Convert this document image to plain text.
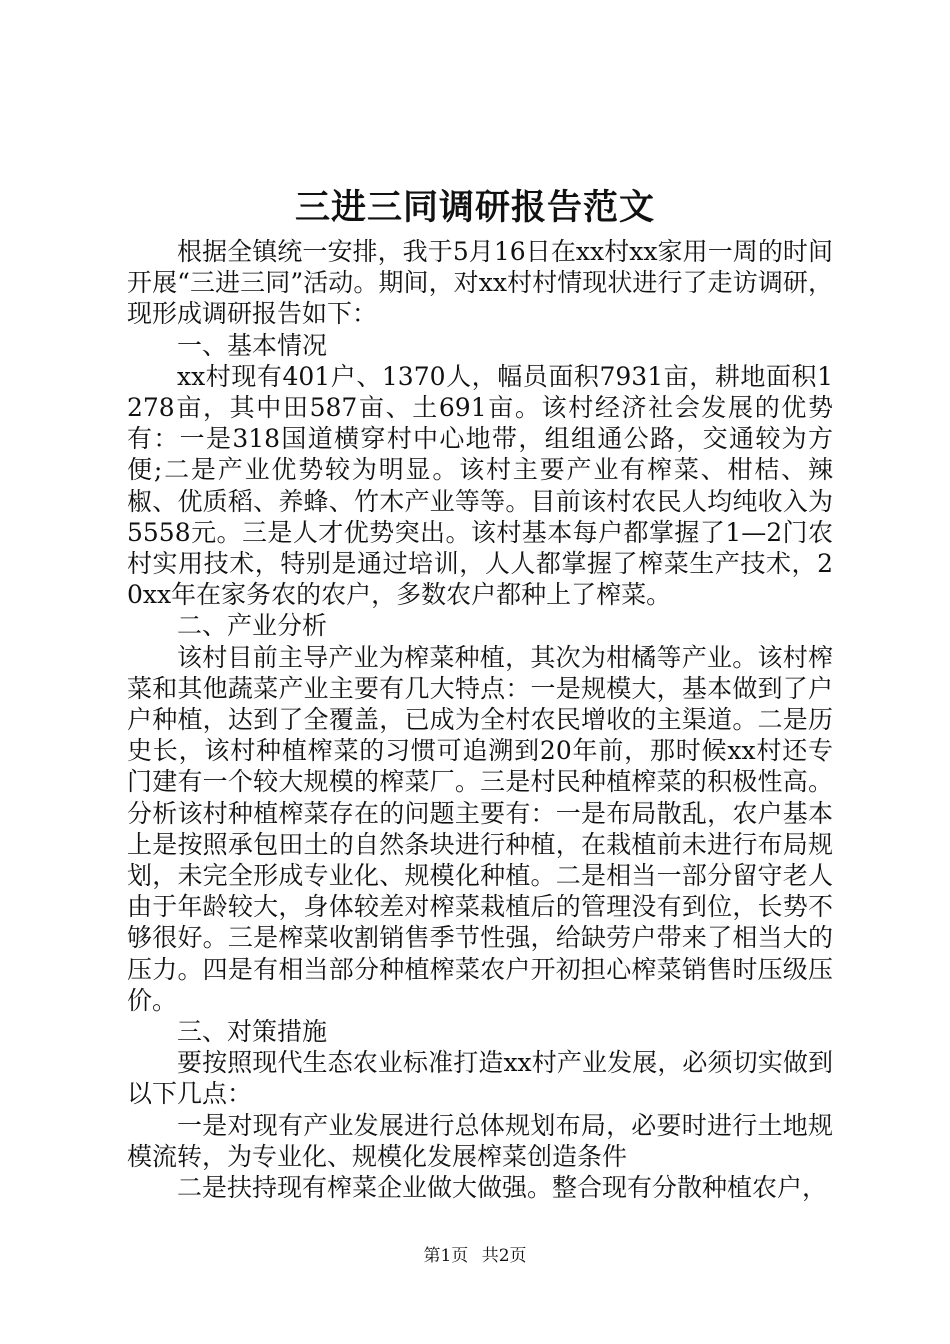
三进三同调研报告范文

根据全镇统一安排，我于5月16日在xx村xx家用一周的时间开展“三进三同”活动。期间，对xx村村情现状进行了走访调研，现形成调研报告如下：

一、基本情况

xx村现有401户、1370人，幅员面积7931亩，耕地面积1278亩，其中田587亩、土691亩。该村经济社会发展的优势有：一是318国道横穿村中心地带，组组通公路，交通较为方便;二是产业优势较为明显。该村主要产业有榨菜、柑桔、辣椒、优质稻、养蜂、竹木产业等等。目前该村农民人均纯收入为5558元。三是人才优势突出。该村基本每户都掌握了1—2门农村实用技术，特别是通过培训，人人都掌握了榨菜生产技术，20xx年在家务农的农户，多数农户都种上了榨菜。

二、产业分析

该村目前主导产业为榨菜种植，其次为柑橘等产业。该村榨菜和其他蔬菜产业主要有几大特点：一是规模大，基本做到了户户种植，达到了全覆盖，已成为全村农民增收的主渠道。二是历史长，该村种植榨菜的习惯可追溯到20年前，那时候xx村还专门建有一个较大规模的榨菜厂。三是村民种植榨菜的积极性高。分析该村种植榨菜存在的问题主要有：一是布局散乱，农户基本上是按照承包田土的自然条块进行种植，在栽植前未进行布局规划，未完全形成专业化、规模化种植。二是相当一部分留守老人由于年龄较大，身体较差对榨菜栽植后的管理没有到位，长势不够很好。三是榨菜收割销售季节性强，给缺劳户带来了相当大的压力。四是有相当部分种植榨菜农户开初担心榨菜销售时压级压价。

三、对策措施

要按照现代生态农业标准打造xx村产业发展，必须切实做到以下几点：

一是对现有产业发展进行总体规划布局，必要时进行土地规模流转，为专业化、规模化发展榨菜创造条件

二是扶持现有榨菜企业做大做强。整合现有分散种植农户，

第1页 共2页
